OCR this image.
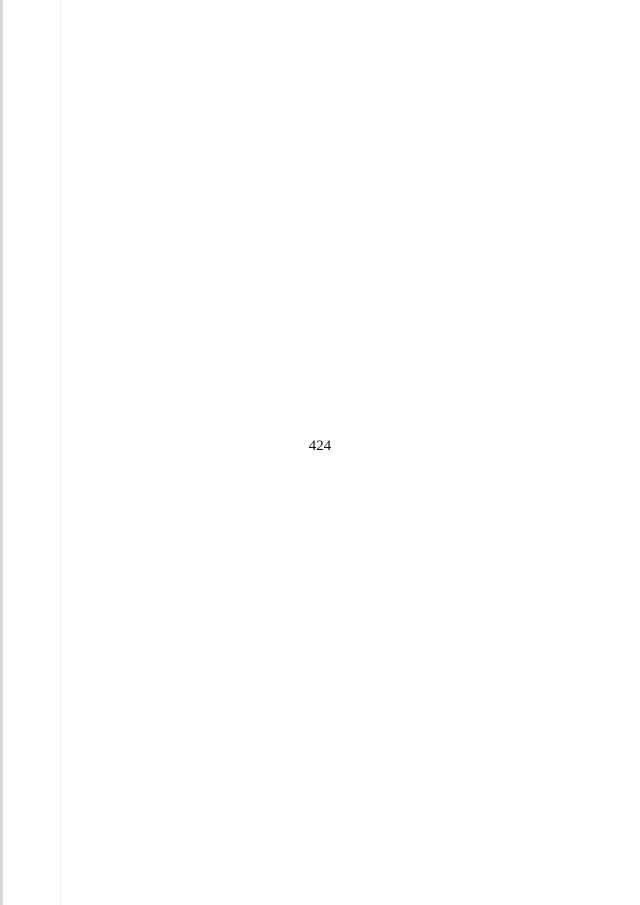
424
